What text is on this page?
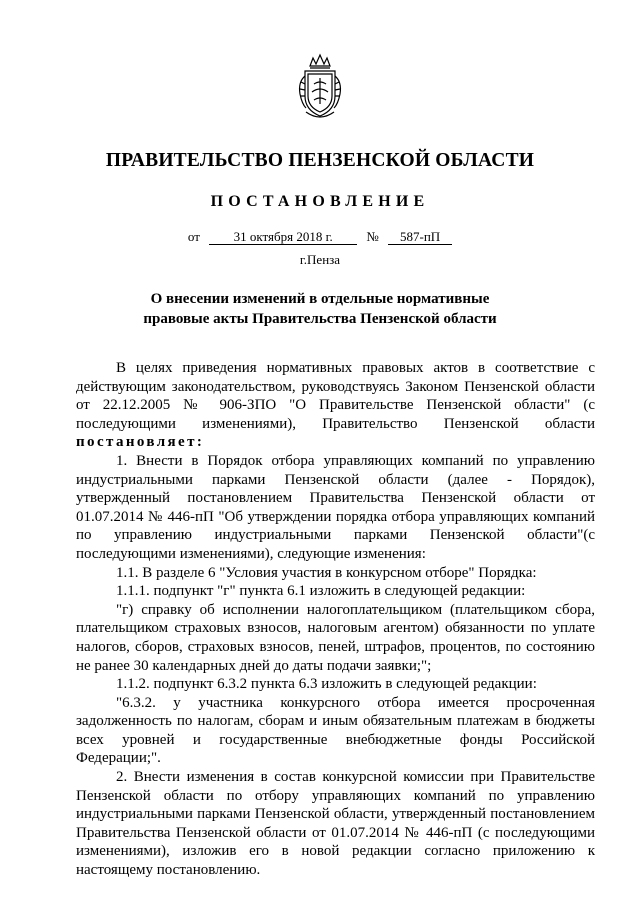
ПРАВИТЕЛЬСТВО ПЕНЗЕНСКОЙ ОБЛАСТИ
ПОСТАНОВЛЕНИЕ
от	31 октября 2018 г.	№ 587-пП
г.Пенза
О внесении изменений в отдельные нормативные
правовые акты Правительства Пензенской области

В целях приведения нормативных правовых актов в соответствие с действующим законодательством, руководствуясь Законом Пензенской области от 22.12.2005 № 906-ЗПО "О Правительстве Пензенской области" (с последующими изменениями), Правительство Пензенской области постановляет:

1. Внести в Порядок отбора управляющих компаний по управлению индустриальными парками Пензенской области (далее - Порядок), утвержденный постановлением Правительства Пензенской области от 01.07.2014 № 446-пП "Об утверждении порядка отбора управляющих компаний по управлению индустриальными парками Пензенской области"(с последующими изменениями), следующие изменения:

1.1. В разделе 6 "Условия участия в конкурсном отборе" Порядка:

1.1.1. подпункт "г" пункта 6.1 изложить в следующей редакции:

"г) справку об исполнении налогоплательщиком (плательщиком сбора, плательщиком страховых взносов, налоговым агентом) обязанности по уплате налогов, сборов, страховых взносов, пеней, штрафов, процентов, по состоянию не ранее 30 календарных дней до даты подачи заявки;";

1.1.2. подпункт 6.3.2 пункта 6.3 изложить в следующей редакции:

"6.3.2. у участника конкурсного отбора имеется просроченная задолженность по налогам, сборам и иным обязательным платежам в бюджеты всех уровней и государственные внебюджетные фонды Российской Федерации;".

2. Внести изменения в состав конкурсной комиссии при Правительстве Пензенской области по отбору управляющих компаний по управлению индустриальными парками Пензенской области, утвержденный постановлением Правительства Пензенской области от 01.07.2014 № 446-пП (с последующими изменениями), изложив его в новой редакции согласно приложению к настоящему постановлению.
